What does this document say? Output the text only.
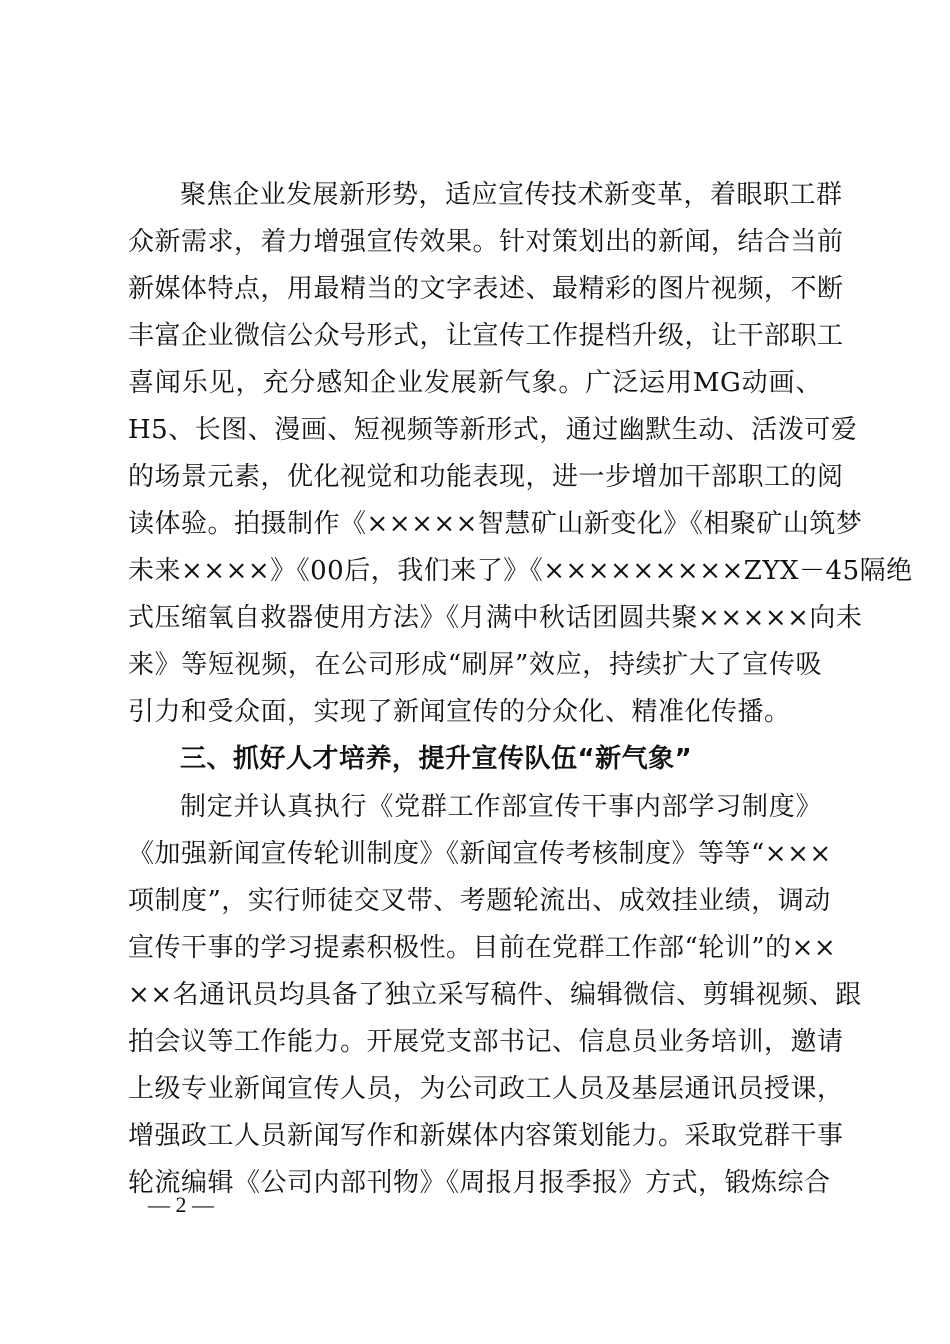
聚焦企业发展新形势，适应宣传技术新变革，着眼职工群
众新需求，着力增强宣传效果。针对策划出的新闻，结合当前
新媒体特点，用最精当的文字表述、最精彩的图片视频，不断
丰富企业微信公众号形式，让宣传工作提档升级，让干部职工
喜闻乐见，充分感知企业发展新气象。广泛运用MG动画、
H5、长图、漫画、短视频等新形式，通过幽默生动、活泼可爱
的场景元素，优化视觉和功能表现，进一步增加干部职工的阅
读体验。拍摄制作《×××××智慧矿山新变化》《相聚矿山筑梦
未来××××》《00后，我们来了》《×××××××××ZYX－45隔绝
式压缩氧自救器使用方法》《月满中秋话团圆共聚×××××向未
来》等短视频，在公司形成“刷屏”效应，持续扩大了宣传吸
引力和受众面，实现了新闻宣传的分众化、精准化传播。
三、抓好人才培养，提升宣传队伍“新气象”
制定并认真执行《党群工作部宣传干事内部学习制度》
《加强新闻宣传轮训制度》《新闻宣传考核制度》等等“×××
项制度”，实行师徒交叉带、考题轮流出、成效挂业绩，调动
宣传干事的学习提素积极性。目前在党群工作部“轮训”的××
××名通讯员均具备了独立采写稿件、编辑微信、剪辑视频、跟
拍会议等工作能力。开展党支部书记、信息员业务培训，邀请
上级专业新闻宣传人员，为公司政工人员及基层通讯员授课，
增强政工人员新闻写作和新媒体内容策划能力。采取党群干事
轮流编辑《公司内部刊物》《周报月报季报》方式，锻炼综合
— 2 —
